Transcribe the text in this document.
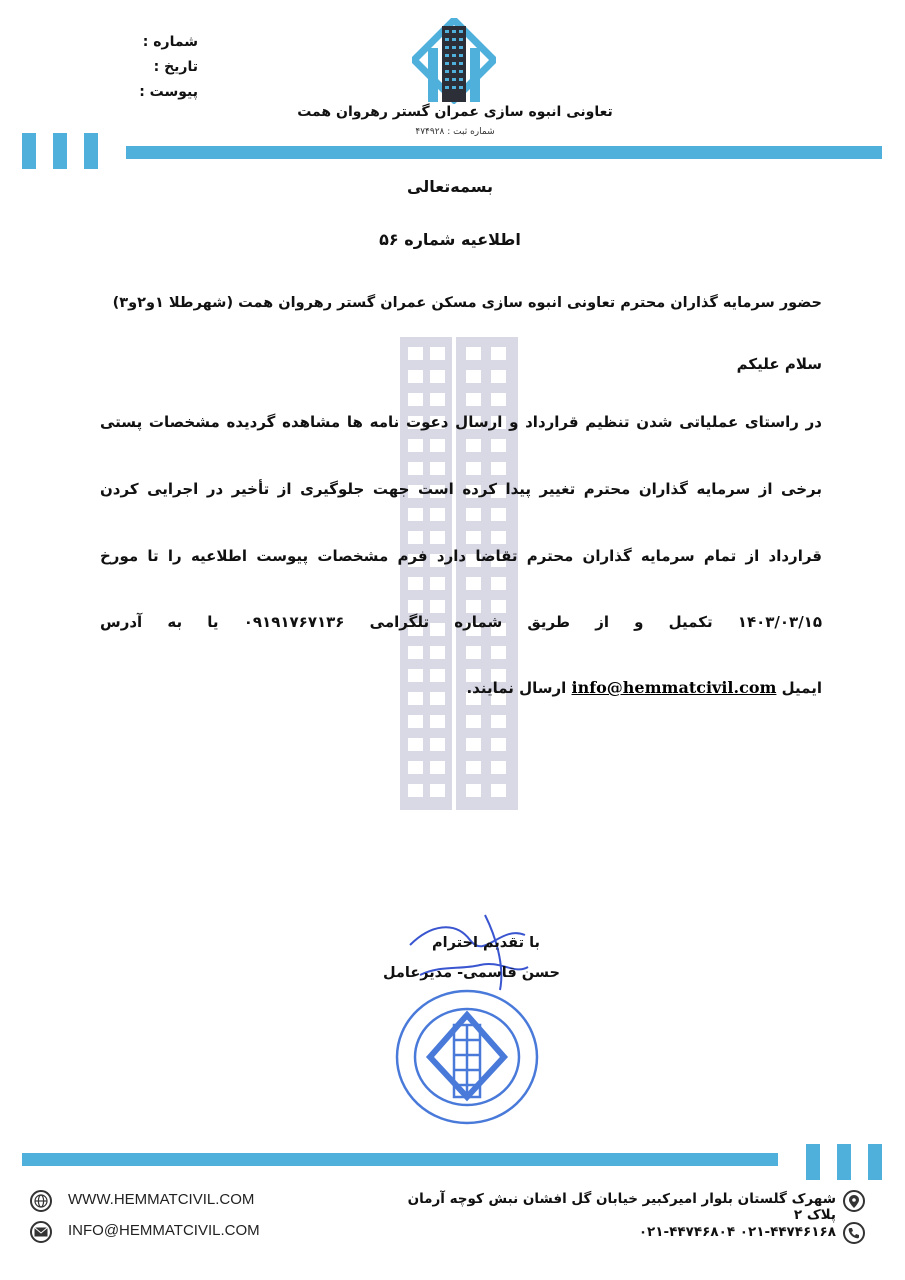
شماره :
تاریخ :
پیوست :
تعاونی انبوه سازی عمران گستر رهروان همت
شماره ثبت : ۴۷۴۹۲۸
بسمه‌تعالی
اطلاعیه شماره ۵۶
حضور سرمایه گذاران محترم تعاونی انبوه سازی مسکن عمران گستر رهروان همت (شهرطلا ۱و۲و۳)
سلام علیکم
در راستای عملیاتی شدن تنظیم قرارداد و ارسال دعوت نامه ها مشاهده گردیده مشخصات پستی
برخی از سرمایه گذاران محترم تغییر پیدا کرده است جهت جلوگیری از تأخیر در اجرایی کردن
قرارداد از تمام سرمایه گذاران محترم تقاضا دارد فرم مشخصات پیوست اطلاعیه را تا مورخ
۱۴۰۳/۰۳/۱۵ تکمیل و از طریق شماره تلگرامی ۰۹۱۹۱۷۶۷۱۳۶ یا به آدرس
ایمیل info@hemmatcivil.com ارسال نمایند.
با تقدیم احترام
حسن قاسمی- مدیرعامل
WWW.HEMMATCIVIL.COM
INFO@HEMMATCIVIL.COM
شهرک گلستان بلوار امیرکبیر خیابان گل افشان نبش کوچه آرمان پلاک ۲
۰۲۱-۴۴۷۴۶۸۰۴ ۰۲۱-۴۴۷۴۶۱۶۸
